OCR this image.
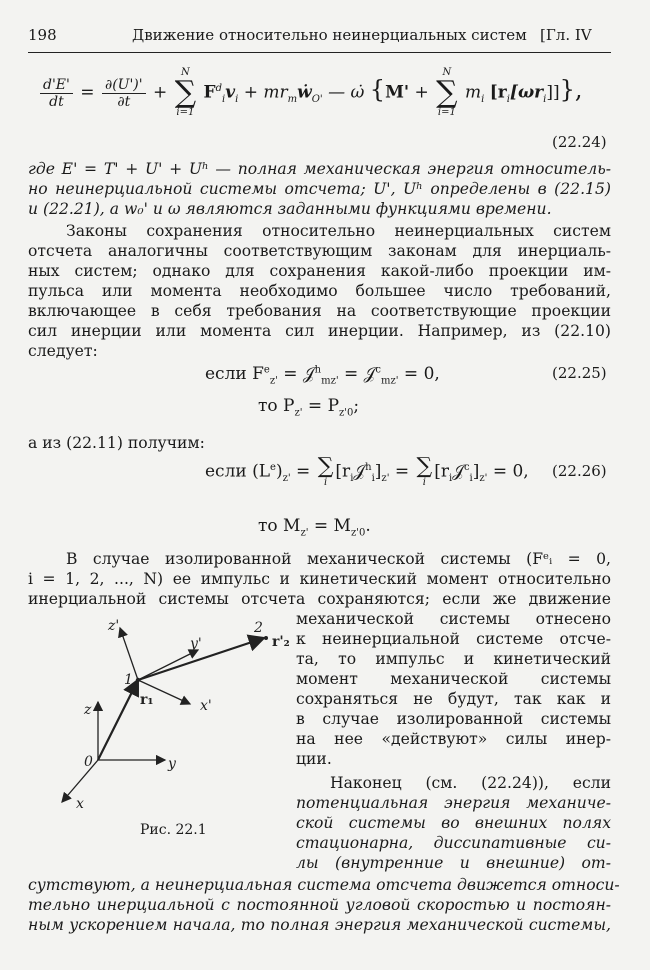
198	Движение относительно неинерциальных систем [Гл. IV
$\frac{d'E'}{dt} = \frac{\partial(U')'}{\partial t}$ +
N
∑
i=1
$F^d_iv_i$ + $mr_mẇ_{O'}$ — ω̇ {M' +
N
∑
i=1
$m_i$ $[r_i[\omega r_i]]$},
(22.24)
где E' = T' + U' + Uʰ — полная механическая энергия относитель-
но неинерциальной системы отсчета; U', Uʰ определены в (22.15)
и (22.21), а w₀' и ω являются заданными функциями времени.
Законы сохранения относительно неинерциальных систем
отсчета аналогичны соответствующим законам для инерциаль-
ных систем; однако для сохранения какой-либо проекции им-
пульса или момента необходимо большее число требований,
включающее в себя требования на соответствующие проекции
сил инерции или момента сил инерции. Например, из (22.10)
следует:
если $F^e_{z'}$ = 𝒥$^h_{mz'}$ = 𝒥$^c_{mz'}$ = 0,	(22.25)
то $P_{z'} = P_{z'0}$;
а из (22.11) получим:
если $(L^e)_{z'}$ = ∑
i
$[r_i𝒥^h_i]_{z'}$ = ∑
i
$[r_i𝒥^c_i]_{z'} = 0$, (22.26)
то $M_{z'} = M_{z'0}$.
В случае изолированной механической системы (Fᵉᵢ = 0,
i = 1, 2, ..., N) ее импульс и кинетический момент относительно
инерциальной системы отсчета сохраняются; если же движение
механической системы отнесено
к неинерциальной системе отсче-
та, то импульс и кинетический
момент механической системы
сохраняться не будут, так как и
в случае изолированной системы
на нее «действуют» силы инер-
ции.
Наконец (см. (22.24)), если
потенциальная энергия механиче-
ской системы во внешних полях
стационарна, диссипативные си-
лы (внутренние и внешние) от-
сутствуют, а неинерциальная система отсчета движется относи-
тельно инерциальной с постоянной угловой скоростью и постоян-
ным ускорением начала, то полная энергия механической системы,
z'
y'
x'
z
y
x
0
1
2
r₁
r'₂
Рис. 22.1
